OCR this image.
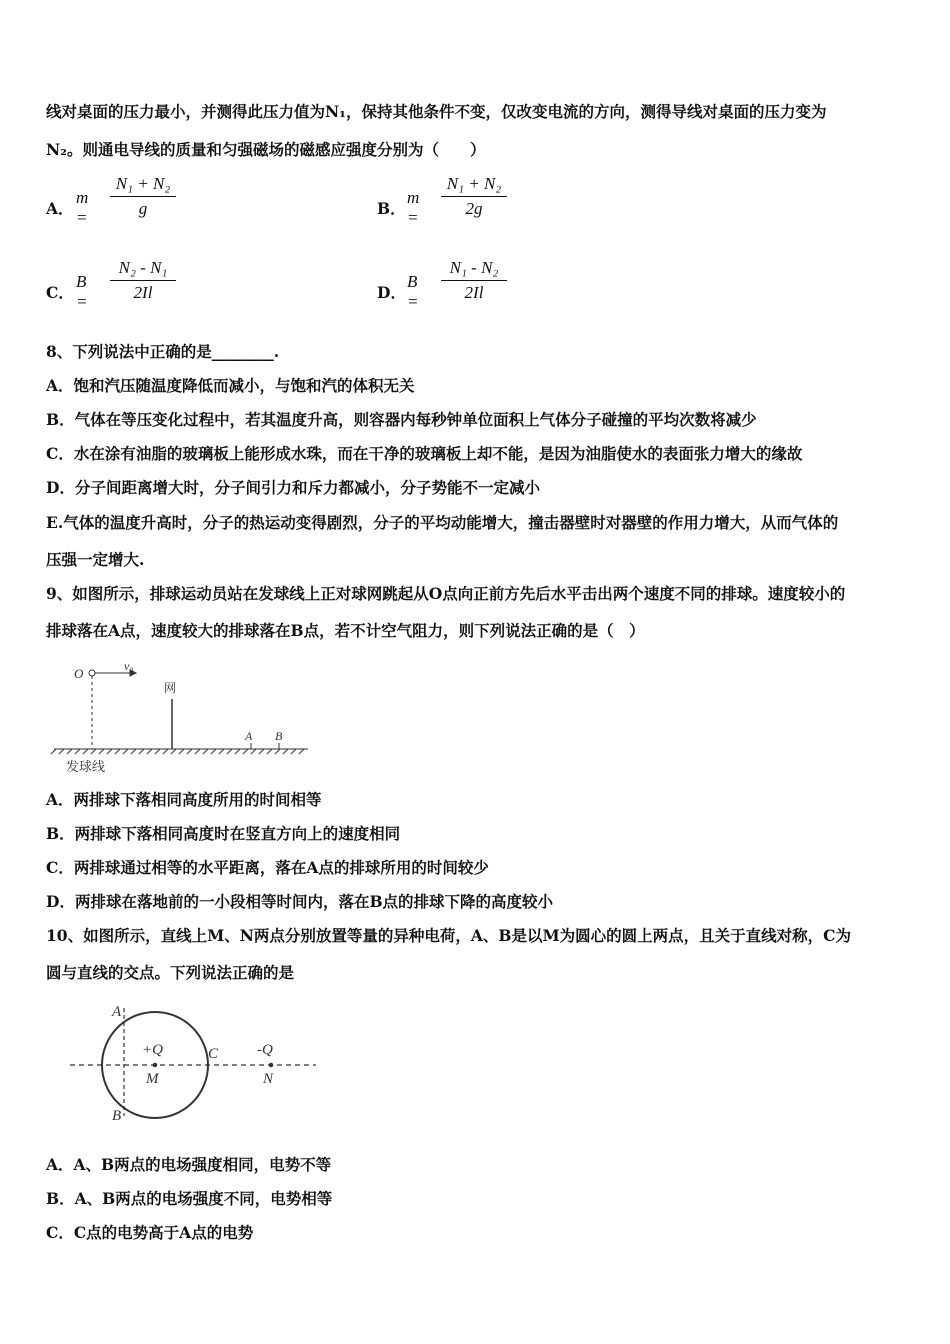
线对桌面的压力最小，并测得此压力值为N₁，保持其他条件不变，仅改变电流的方向，测得导线对桌面的压力变为
N₂。则通电导线的质量和匀强磁场的磁感应强度分别为（　　）
A．
m =
N₁ + N₂
g	B．
m =
N₁ + N₂
2g
C．
B =
N₂ - N₁
2Il	D．
B =
N₁ - N₂
2Il
8、下列说法中正确的是________.
A．饱和汽压随温度降低而减小，与饱和汽的体积无关
B．气体在等压变化过程中，若其温度升高，则容器内每秒钟单位面积上气体分子碰撞的平均次数将减少
C．水在涂有油脂的玻璃板上能形成水珠，而在干净的玻璃板上却不能，是因为油脂使水的表面张力增大的缘故
D．分子间距离增大时，分子间引力和斥力都减小，分子势能不一定减小
E.气体的温度升高时，分子的热运动变得剧烈，分子的平均动能增大，撞击器壁时对器壁的作用力增大，从而气体的
压强一定增大.
9、如图所示，排球运动员站在发球线上正对球网跳起从O点向正前方先后水平击出两个速度不同的排球。速度较小的
排球落在A点，速度较大的排球落在B点，若不计空气阻力，则下列说法正确的是（　）
O	v₀
网
A B
发球线
A．两排球下落相同高度所用的时间相等
B．两排球下落相同高度时在竖直方向上的速度相同
C．两排球通过相等的水平距离，落在A点的排球所用的时间较少
D．两排球在落地前的一小段相等时间内，落在B点的排球下降的高度较小
10、如图所示，直线上M、N两点分别放置等量的异种电荷，A、B是以M为圆心的圆上两点，且关于直线对称，C为
圆与直线的交点。下列说法正确的是
A
B
C
+Q
M
-Q
N
A．A、B两点的电场强度相同，电势不等
B．A、B两点的电场强度不同，电势相等
C．C点的电势高于A点的电势
